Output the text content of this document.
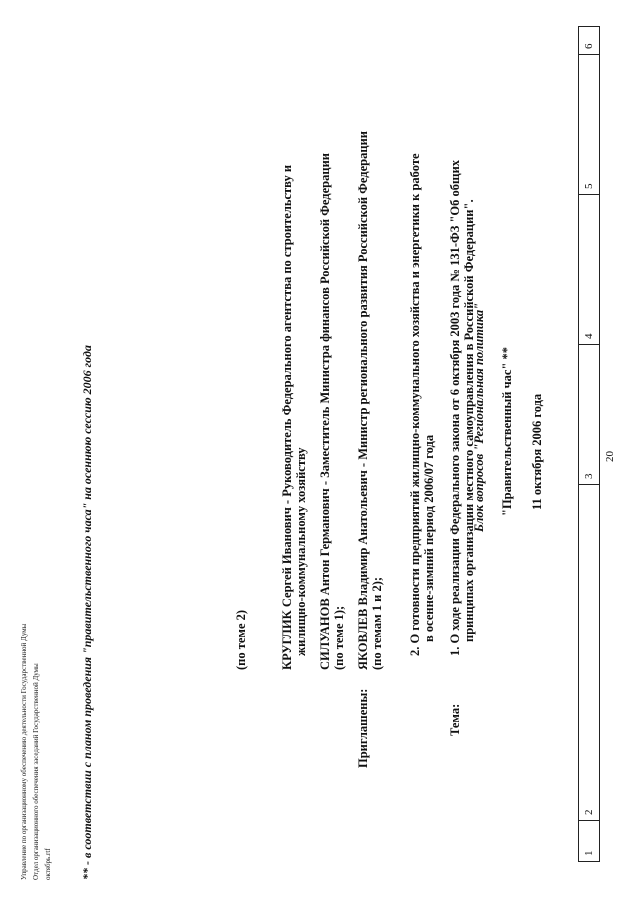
1
2
3
4
5
6
20
11 октября 2006 года
"Правительственный час" **
Блок вопросов "Региональная политика"
Тема:
1. О ходе реализации Федерального закона от 6 октября 2003 года № 131-ФЗ "Об общих принципах организации местного самоуправления в Российской Федерации".
2. О готовности предприятий жилищно-коммунального хозяйства и энергетики к работе в осенне-зимний период 2006/07 года
Приглашены:
ЯКОВЛЕВ Владимир Анатольевич - Министр регионального развития Российской Федерации (по темам 1 и 2);
СИЛУАНОВ Антон Германович - Заместитель Министра финансов Российской Федерации (по теме 1);
КРУГЛИК Сергей Иванович - Руководитель Федерального агентства по строительству и жилищно-коммунальному хозяйству
(по теме 2)
** - в соответствии с планом проведения "правительственного часа" на осеннюю сессию 2006 года
октябрь.rtf
Отдел организационного обеспечения заседаний Государственной Думы
Управление по организационному обеспечению деятельности Государственной Думы
